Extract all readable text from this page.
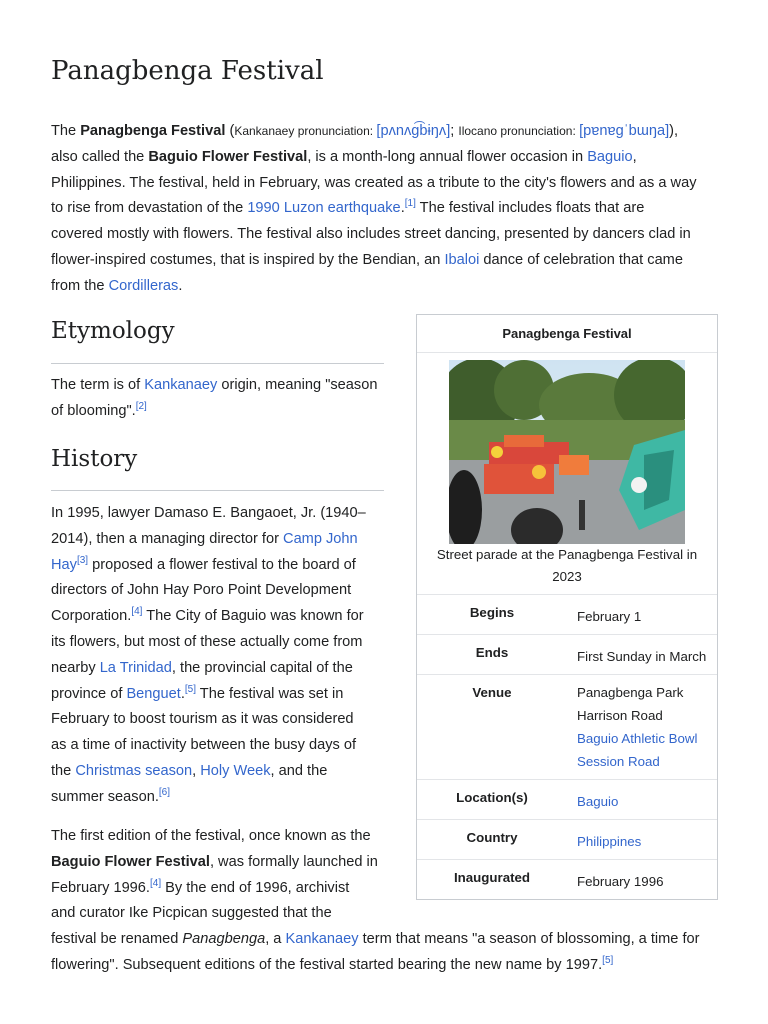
Panagbenga Festival

The Panagbenga Festival (Kankanaey pronunciation: [pʌnʌɡ͡bɨŋʌ]; Ilocano pronunciation: [pɐnɐɡˈbɯŋa]),

also called the Baguio Flower Festival, is a month-long annual flower occasion in Baguio,

Philippines. The festival, held in February, was created as a tribute to the city's flowers and as a way

to rise from devastation of the 1990 Luzon earthquake.[1] The festival includes floats that are

covered mostly with flowers. The festival also includes street dancing, presented by dancers clad in

flower-inspired costumes, that is inspired by the Bendian, an Ibaloi dance of celebration that came

from the Cordilleras.

Etymology

The term is of Kankanaey origin, meaning "season

of blooming".[2]

History

In 1995, lawyer Damaso E. Bangaoet, Jr. (1940–

2014), then a managing director for Camp John

Hay[3] proposed a flower festival to the board of

directors of John Hay Poro Point Development

Corporation.[4] The City of Baguio was known for

its flowers, but most of these actually come from

nearby La Trinidad, the provincial capital of the

province of Benguet.[5] The festival was set in

February to boost tourism as it was considered

as a time of inactivity between the busy days of

the Christmas season, Holy Week, and the

summer season.[6]

The first edition of the festival, once known as the

Baguio Flower Festival, was formally launched in

February 1996.[4] By the end of 1996, archivist

and curator Ike Picpican suggested that the

festival be renamed Panagbenga, a Kankanaey term that means "a season of blossoming, a time for

flowering". Subsequent editions of the festival started bearing the new name by 1997.[5]

Panagbenga Festival
Street parade at the Panagbenga Festival in 2023
Begins	February 1
Ends	First Sunday in March
Venue	Panagbenga Park
Harrison Road
Baguio Athletic Bowl
Session Road
Location(s)	Baguio
Country	Philippines
Inaugurated	February 1996
